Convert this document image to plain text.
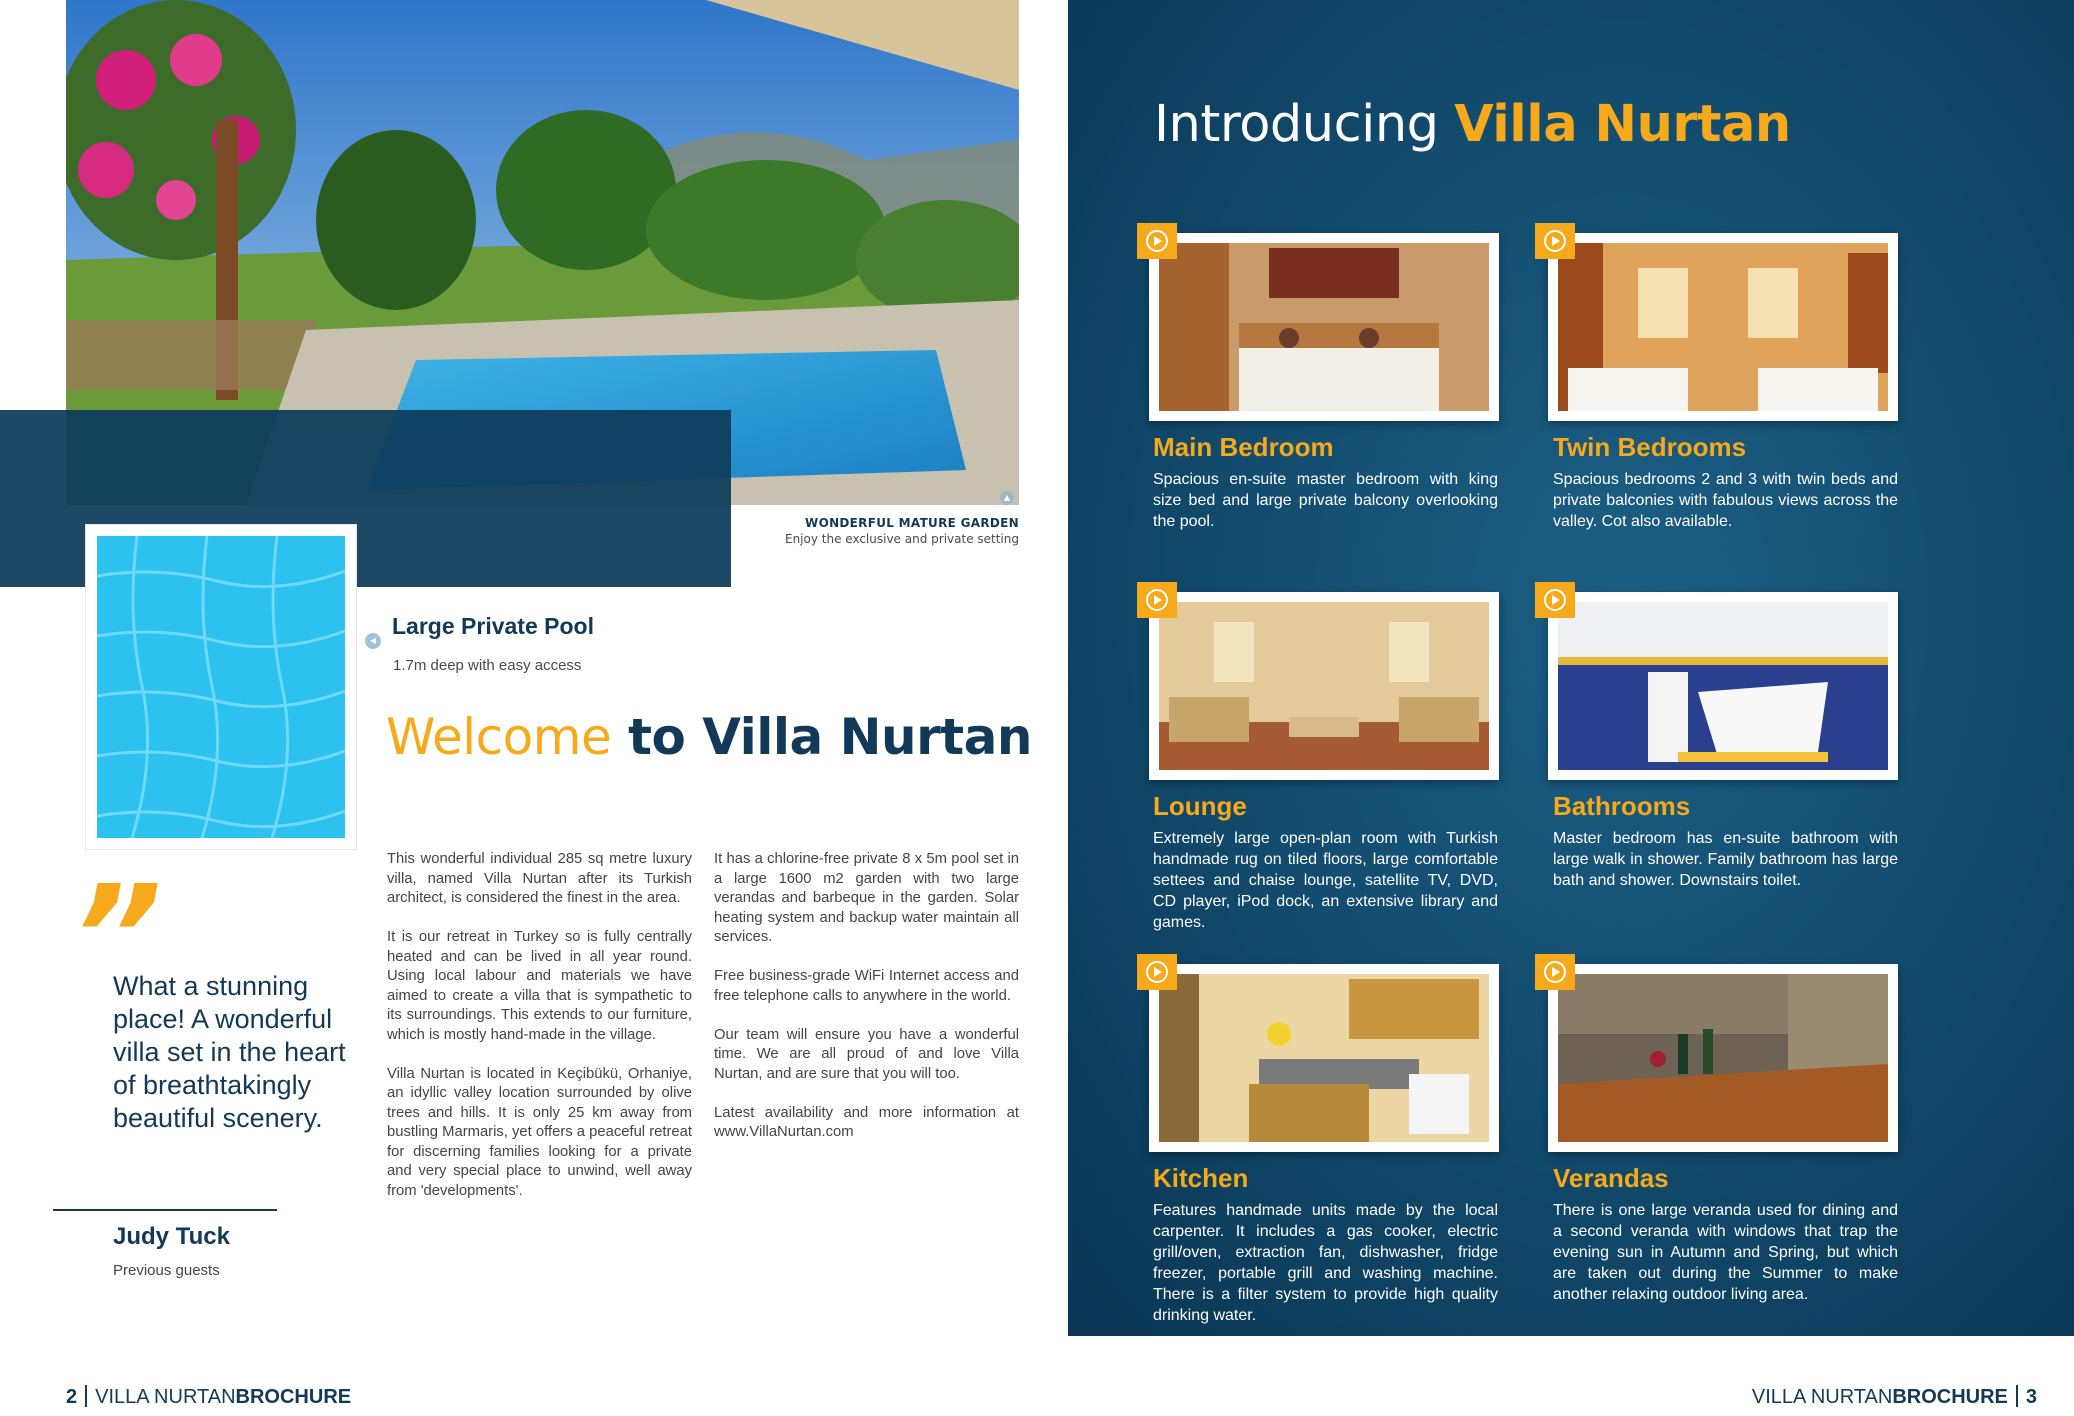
▲
WONDERFUL MATURE GARDEN
Enjoy the exclusive and private setting
◀
Large Private Pool
1.7m deep with easy access
Welcome to Villa Nurtan

This wonderful individual 285 sq metre luxury villa, named Villa Nurtan after its Turkish architect, is considered the finest in the area.

It is our retreat in Turkey so is fully centrally heated and can be lived in all year round. Using local labour and materials we have aimed to create a villa that is sympathetic to its surroundings. This extends to our furniture, which is mostly hand-made in the village.

Villa Nurtan is located in Keçibükü, Orhaniye, an idyllic valley location surrounded by olive trees and hills. It is only 25 km away from bustling Marmaris, yet offers a peaceful retreat for discerning families looking for a private and very special place to unwind, well away from 'developments'.

It has a chlorine-free private 8 x 5m pool set in a large 1600 m2 garden with two large verandas and barbeque in the garden. Solar heating system and backup water maintain all services.

Free business-grade WiFi Internet access and free telephone calls to anywhere in the world.

Our team will ensure you have a wonderful time. We are all proud of and love Villa Nurtan, and are sure that you will too.

Latest availability and more information at www.VillaNurtan.com

”
What a stunning place! A wonderful villa set in the heart of breathtakingly beautiful scenery.
Judy Tuck
Previous guests
2 VILLA NURTANBROCHURE
Introducing Villa Nurtan
Main Bedroom
Spacious en-suite master bedroom with king size bed and large private balcony overlooking the pool.
Twin Bedrooms
Spacious bedrooms 2 and 3 with twin beds and private balconies with fabulous views across the valley. Cot also available.
Lounge
Extremely large open-plan room with Turkish handmade rug on tiled floors, large comfortable settees and chaise lounge, satellite TV, DVD, CD player, iPod dock, an extensive library and games.
Bathrooms
Master bedroom has en-suite bathroom with large walk in shower. Family bathroom has large bath and shower. Downstairs toilet.
Kitchen
Features handmade units made by the local carpenter. It includes a gas cooker, electric grill/oven, extraction fan, dishwasher, fridge freezer, portable grill and washing machine. There is a filter system to provide high quality drinking water.
Verandas
There is one large veranda used for dining and a second veranda with windows that trap the evening sun in Autumn and Spring, but which are taken out during the Summer to make another relaxing outdoor living area.
VILLA NURTANBROCHURE 3
